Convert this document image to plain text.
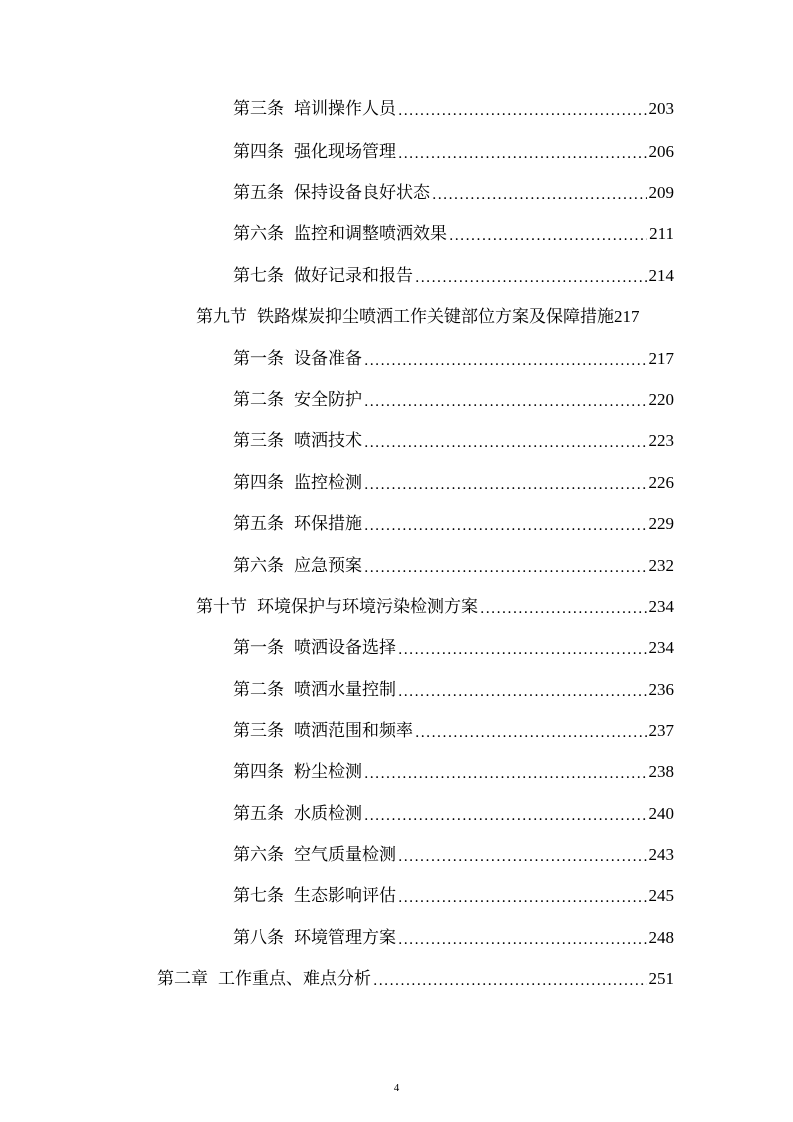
第三条 培训操作人员 .....	203
第四条 强化现场管理 .....	206
第五条 保持设备良好状态 .....	209
第六条 监控和调整喷洒效果 .....	211
第七条 做好记录和报告 .....	214
第九节 铁路煤炭抑尘喷洒工作关键部位方案及保障措施 217
第一条 设备准备 .....	217
第二条 安全防护 .....	220
第三条 喷洒技术 .....	223
第四条 监控检测 .....	226
第五条 环保措施 .....	229
第六条 应急预案 .....	232
第十节 环境保护与环境污染检测方案 .....	234
第一条 喷洒设备选择 .....	234
第二条 喷洒水量控制 .....	236
第三条 喷洒范围和频率 .....	237
第四条 粉尘检测 .....	238
第五条 水质检测 .....	240
第六条 空气质量检测 .....	243
第七条 生态影响评估 .....	245
第八条 环境管理方案 .....	248
第二章 工作重点、难点分析 .....	251
4
